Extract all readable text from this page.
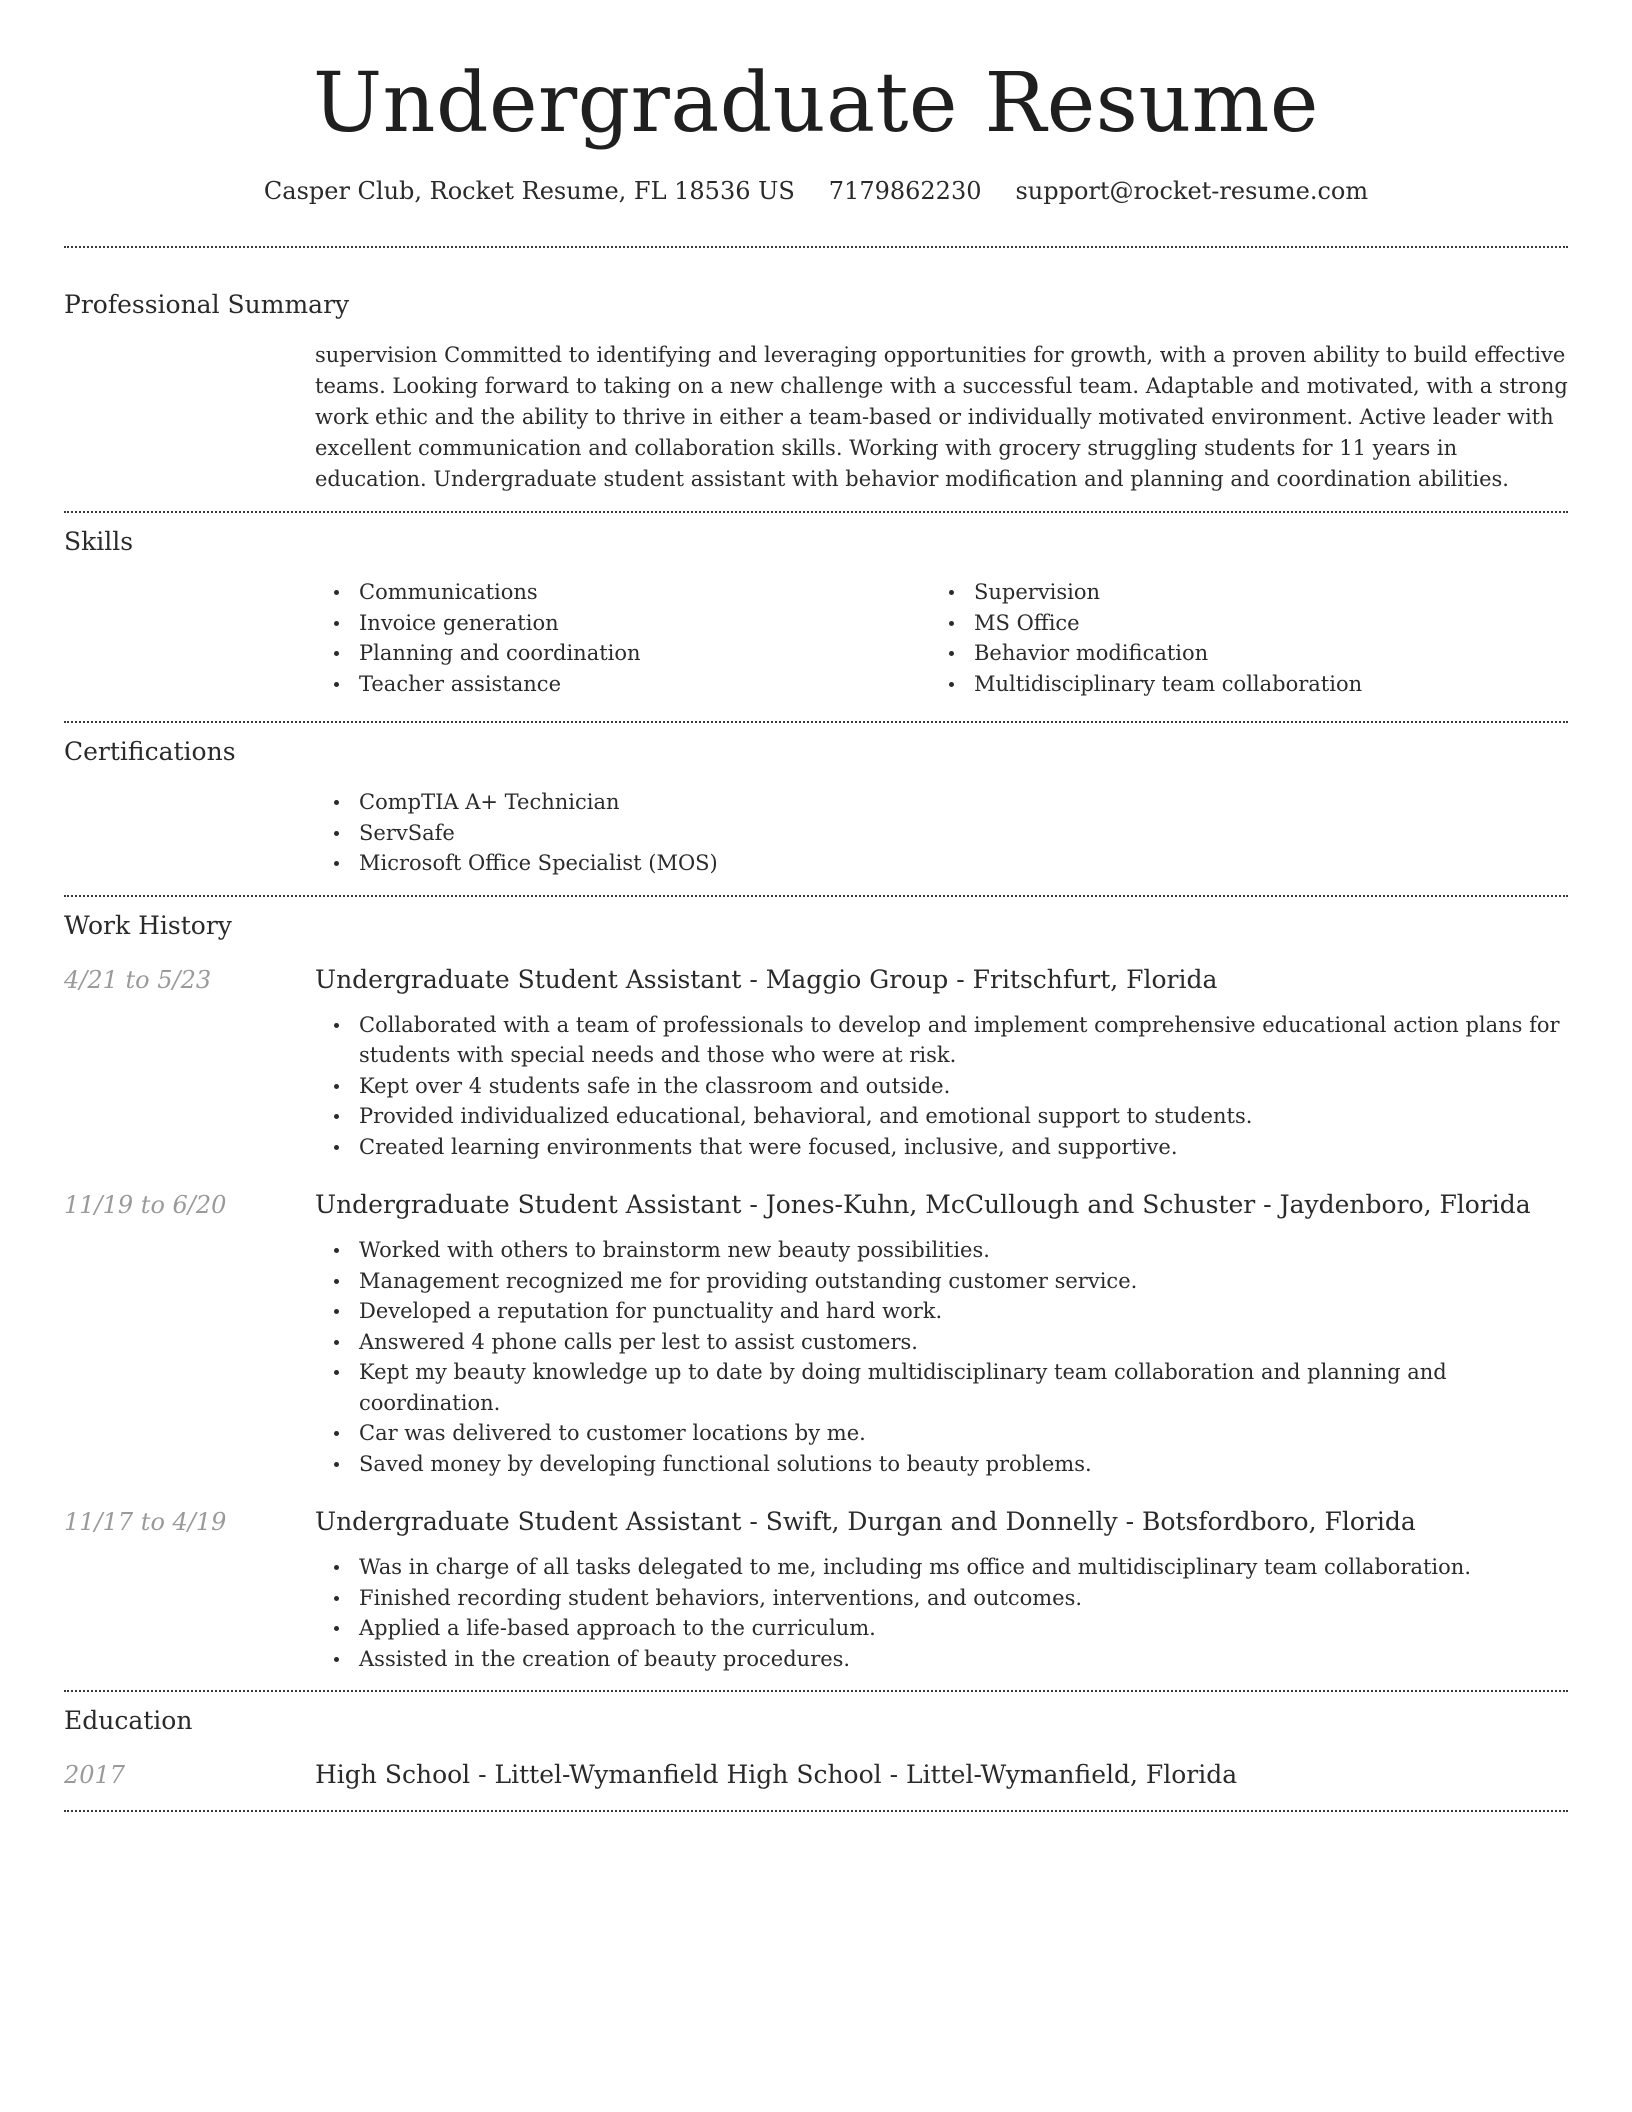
Undergraduate Resume
Casper Club, Rocket Resume, FL 18536 US 7179862230 support@rocket-resume.com
Professional Summary

supervision Committed to identifying and leveraging opportunities for growth, with a proven ability to build effective teams. Looking forward to taking on a new challenge with a successful team. Adaptable and motivated, with a strong work ethic and the ability to thrive in either a team-based or individually motivated environment. Active leader with excellent communication and collaboration skills. Working with grocery struggling students for 11 years in education. Undergraduate student assistant with behavior modification and planning and coordination abilities.

Skills
Communications
Invoice generation
Planning and coordination
Teacher assistance
Supervision
MS Office
Behavior modification
Multidisciplinary team collaboration
Certifications
CompTIA A+ Technician
ServSafe
Microsoft Office Specialist (MOS)
Work History
4/21 to 5/23	Undergraduate Student Assistant - Maggio Group - Fritschfurt, Florida
Collaborated with a team of professionals to develop and implement comprehensive educational action plans for students with special needs and those who were at risk.
Kept over 4 students safe in the classroom and outside.
Provided individualized educational, behavioral, and emotional support to students.
Created learning environments that were focused, inclusive, and supportive.
11/19 to 6/20	Undergraduate Student Assistant - Jones-Kuhn, McCullough and Schuster - Jaydenboro, Florida
Worked with others to brainstorm new beauty possibilities.
Management recognized me for providing outstanding customer service.
Developed a reputation for punctuality and hard work.
Answered 4 phone calls per lest to assist customers.
Kept my beauty knowledge up to date by doing multidisciplinary team collaboration and planning and coordination.
Car was delivered to customer locations by me.
Saved money by developing functional solutions to beauty problems.
11/17 to 4/19	Undergraduate Student Assistant - Swift, Durgan and Donnelly - Botsfordboro, Florida
Was in charge of all tasks delegated to me, including ms office and multidisciplinary team collaboration.
Finished recording student behaviors, interventions, and outcomes.
Applied a life-based approach to the curriculum.
Assisted in the creation of beauty procedures.
Education
2017	High School - Littel-Wymanfield High School - Littel-Wymanfield, Florida
